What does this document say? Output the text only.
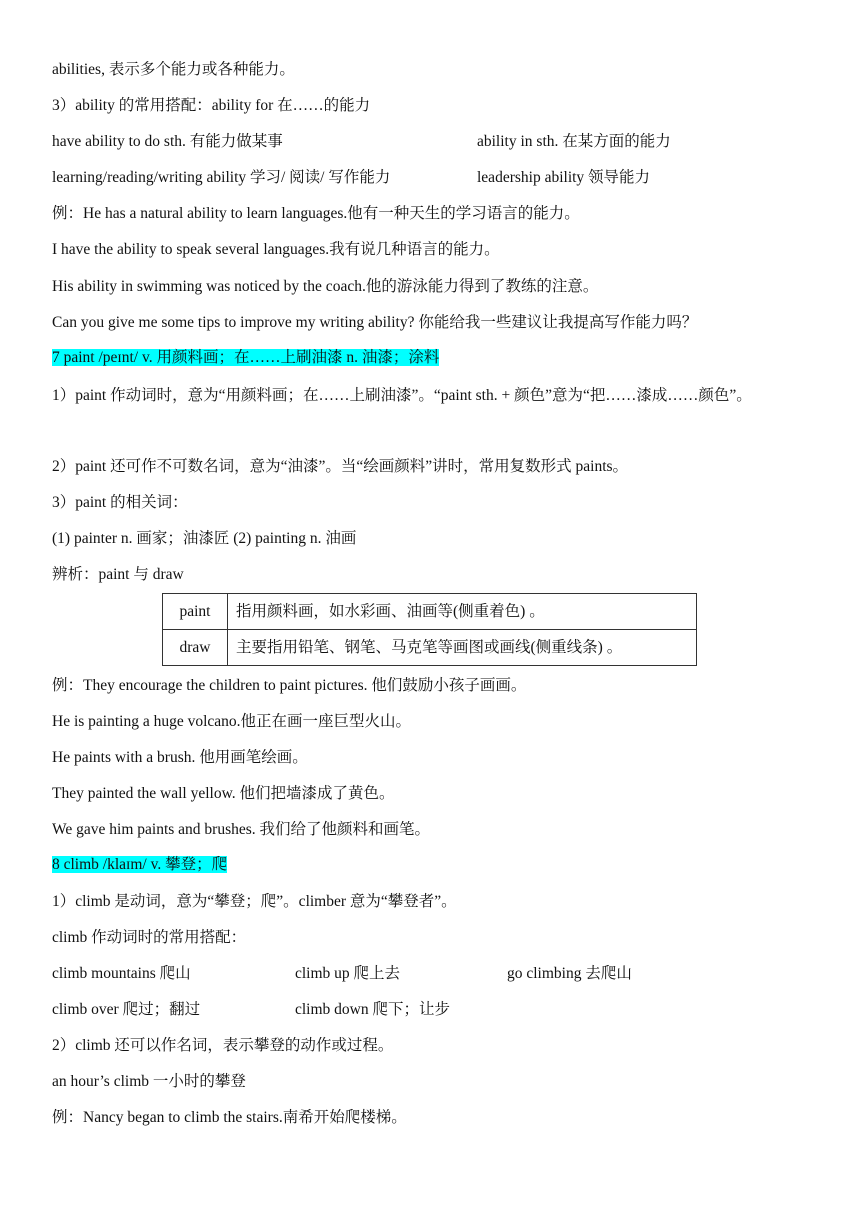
abilities, 表示多个能力或各种能力。
3）ability 的常用搭配：ability for 在……的能力
have ability to do sth. 有能力做某事	ability in sth. 在某方面的能力
learning/reading/writing ability 学习/ 阅读/ 写作能力	leadership ability 领导能力
例：He has a natural ability to learn languages.他有一种天生的学习语言的能力。
I have the ability to speak several languages.我有说几种语言的能力。
His ability in swimming was noticed by the coach.他的游泳能力得到了教练的注意。
Can you give me some tips to improve my writing ability? 你能给我一些建议让我提高写作能力吗？
7 paint /peɪnt/ v. 用颜料画；在……上刷油漆 n. 油漆；涂料
1）paint 作动词时，意为“用颜料画；在……上刷油漆”。“paint sth. + 颜色”意为“把……漆成……颜色”。
2）paint 还可作不可数名词，意为“油漆”。当“绘画颜料”讲时，常用复数形式 paints。
3）paint 的相关词：
(1) painter n. 画家；油漆匠 (2) painting n. 油画
辨析：paint 与 draw
paint	指用颜料画，如水彩画、油画等(侧重着色) 。
draw	主要指用铅笔、钢笔、马克笔等画图或画线(侧重线条) 。
例：They encourage the children to paint pictures. 他们鼓励小孩子画画。
He is painting a huge volcano.他正在画一座巨型火山。
He paints with a brush. 他用画笔绘画。
They painted the wall yellow. 他们把墙漆成了黄色。
We gave him paints and brushes. 我们给了他颜料和画笔。
8 climb /klaɪm/ v. 攀登；爬
1）climb 是动词，意为“攀登；爬”。climber 意为“攀登者”。
climb 作动词时的常用搭配：
climb mountains 爬山	climb up 爬上去	go climbing 去爬山
climb over 爬过；翻过	climb down 爬下；让步
2）climb 还可以作名词，表示攀登的动作或过程。
an hour’s climb 一小时的攀登
例：Nancy began to climb the stairs.南希开始爬楼梯。
